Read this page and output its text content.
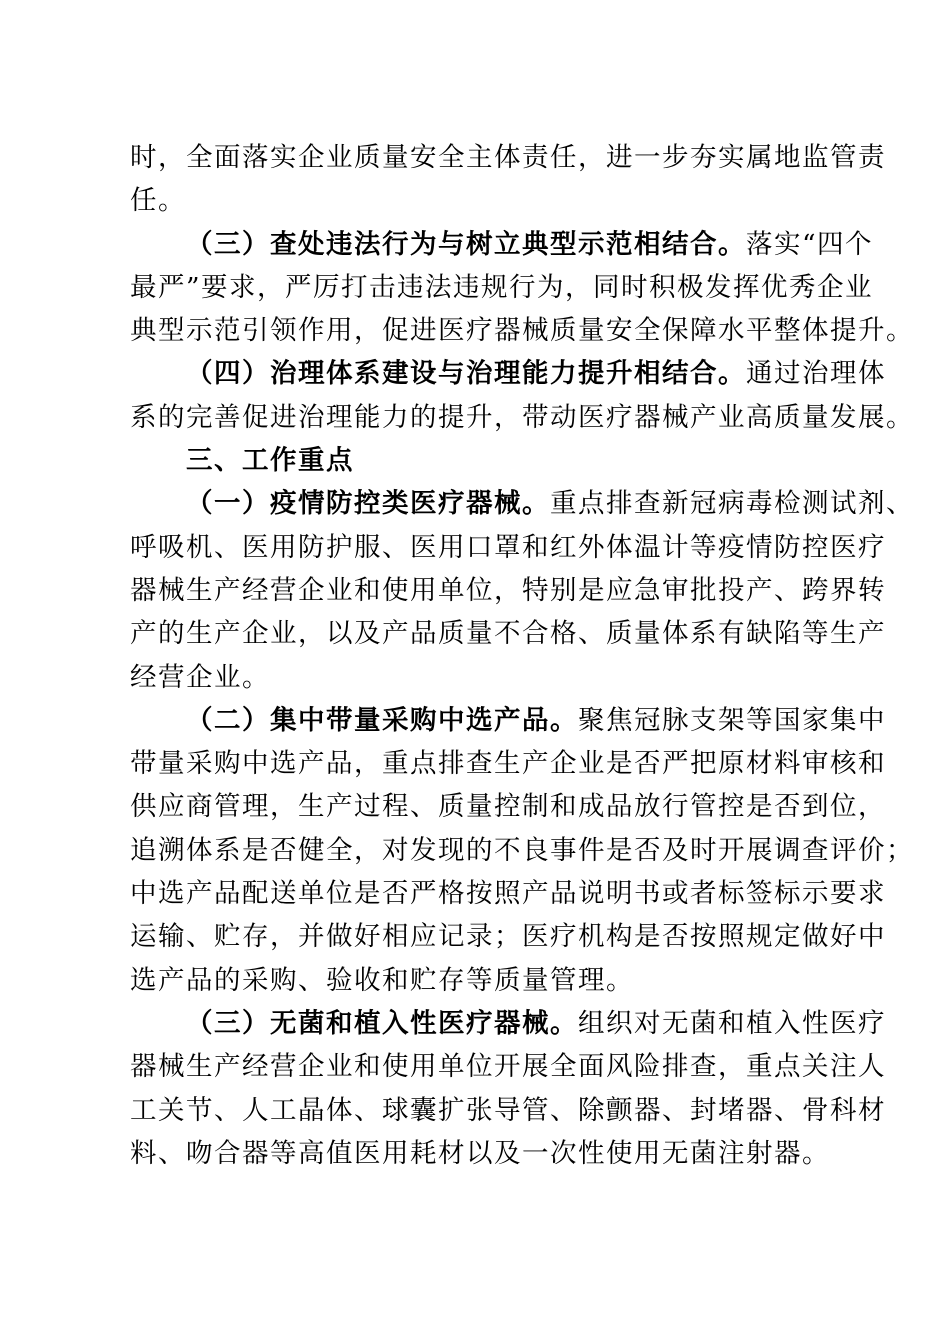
时，全面落实企业质量安全主体责任，进一步夯实属地监管责
任。
（三）查处违法行为与树立典型示范相结合。落实“四个
最严”要求，严厉打击违法违规行为，同时积极发挥优秀企业
典型示范引领作用，促进医疗器械质量安全保障水平整体提升。
（四）治理体系建设与治理能力提升相结合。通过治理体
系的完善促进治理能力的提升，带动医疗器械产业高质量发展。
三、工作重点
（一）疫情防控类医疗器械。重点排查新冠病毒检测试剂、
呼吸机、医用防护服、医用口罩和红外体温计等疫情防控医疗
器械生产经营企业和使用单位，特别是应急审批投产、跨界转
产的生产企业，以及产品质量不合格、质量体系有缺陷等生产
经营企业。
（二）集中带量采购中选产品。聚焦冠脉支架等国家集中
带量采购中选产品，重点排查生产企业是否严把原材料审核和
供应商管理，生产过程、质量控制和成品放行管控是否到位，
追溯体系是否健全，对发现的不良事件是否及时开展调查评价；
中选产品配送单位是否严格按照产品说明书或者标签标示要求
运输、贮存，并做好相应记录；医疗机构是否按照规定做好中
选产品的采购、验收和贮存等质量管理。
（三）无菌和植入性医疗器械。组织对无菌和植入性医疗
器械生产经营企业和使用单位开展全面风险排查，重点关注人
工关节、人工晶体、球囊扩张导管、除颤器、封堵器、骨科材
料、吻合器等高值医用耗材以及一次性使用无菌注射器。
